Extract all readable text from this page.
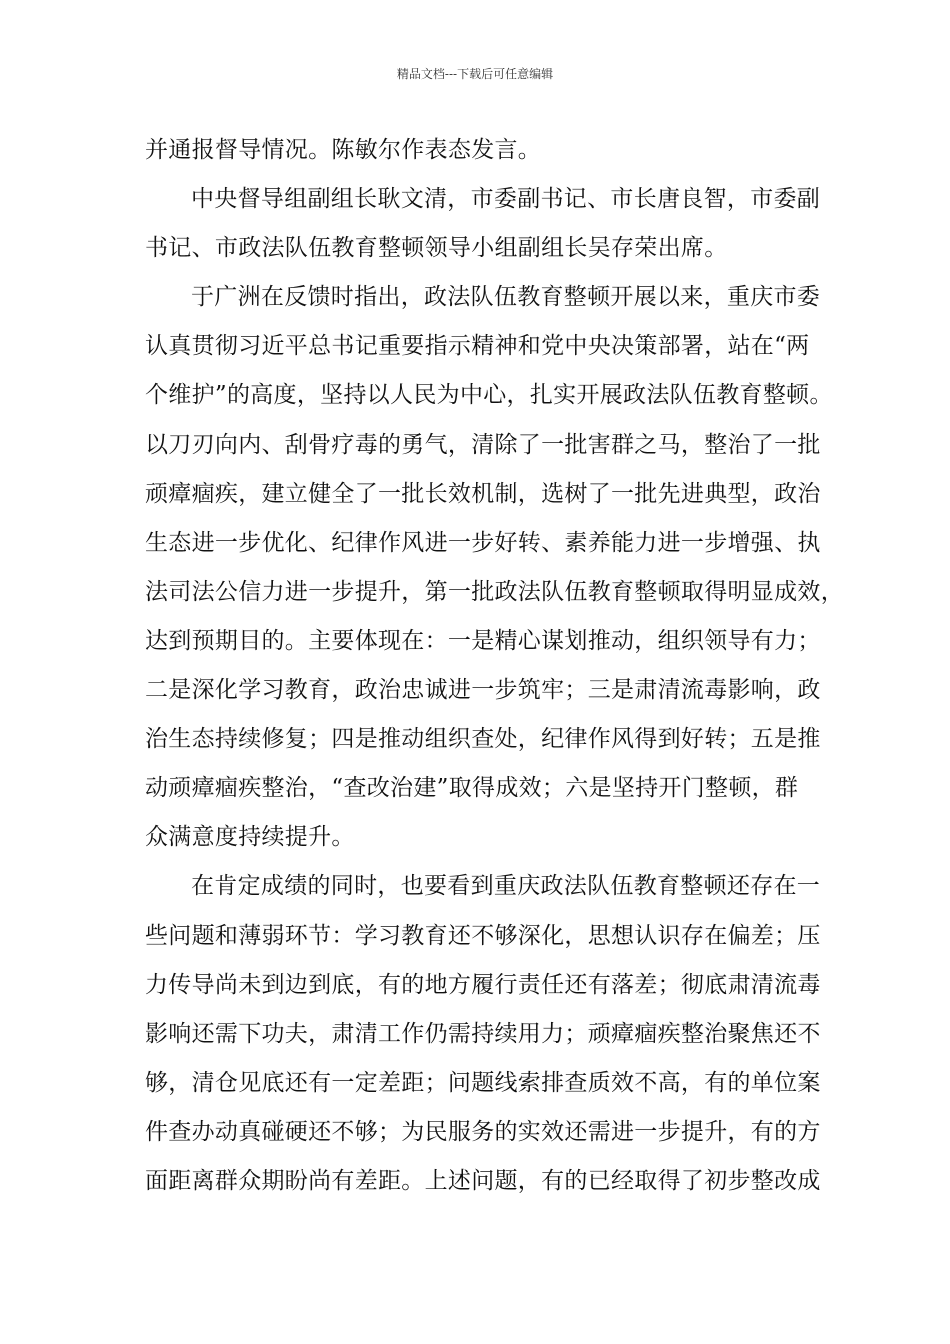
精品文档---下载后可任意编辑
并通报督导情况。陈敏尔作表态发言。
中央督导组副组长耿文清，市委副书记、市长唐良智，市委副
书记、市政法队伍教育整顿领导小组副组长吴存荣出席。
于广洲在反馈时指出，政法队伍教育整顿开展以来，重庆市委
认真贯彻习近平总书记重要指示精神和党中央决策部署，站在“两
个维护”的高度，坚持以人民为中心，扎实开展政法队伍教育整顿。
以刀刃向内、刮骨疗毒的勇气，清除了一批害群之马，整治了一批
顽瘴痼疾，建立健全了一批长效机制，选树了一批先进典型，政治
生态进一步优化、纪律作风进一步好转、素养能力进一步增强、执
法司法公信力进一步提升，第一批政法队伍教育整顿取得明显成效，
达到预期目的。主要体现在：一是精心谋划推动，组织领导有力；
二是深化学习教育，政治忠诚进一步筑牢；三是肃清流毒影响，政
治生态持续修复；四是推动组织查处，纪律作风得到好转；五是推
动顽瘴痼疾整治，“查改治建”取得成效；六是坚持开门整顿，群
众满意度持续提升。
在肯定成绩的同时，也要看到重庆政法队伍教育整顿还存在一
些问题和薄弱环节：学习教育还不够深化，思想认识存在偏差；压
力传导尚未到边到底，有的地方履行责任还有落差；彻底肃清流毒
影响还需下功夫，肃清工作仍需持续用力；顽瘴痼疾整治聚焦还不
够，清仓见底还有一定差距；问题线索排查质效不高，有的单位案
件查办动真碰硬还不够；为民服务的实效还需进一步提升，有的方
面距离群众期盼尚有差距。上述问题，有的已经取得了初步整改成
